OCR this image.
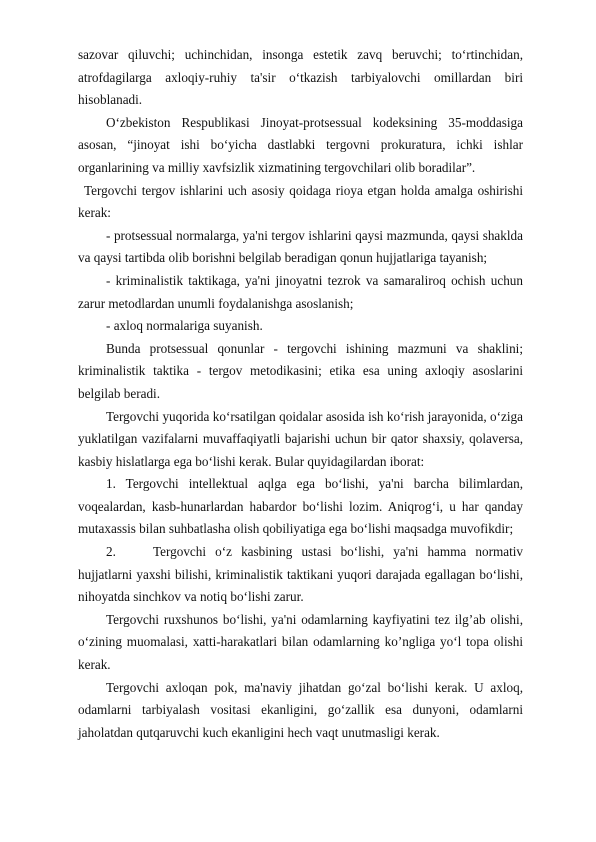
sazovar qiluvchi; uchinchidan, insonga estetik zavq beruvchi; to‘rtinchidan, atrofdagilarga axloqiy-ruhiy ta'sir o‘tkazish tarbiyalovchi omillardan biri hisoblanadi.

O‘zbekiston Respublikasi Jinoyat-protsessual kodeksining 35-moddasiga asosan, “jinoyat ishi bo‘yicha dastlabki tergovni prokuratura, ichki ishlar organlarining va milliy xavfsizlik xizmatining tergovchilari olib boradilar”.

Tergovchi tergov ishlarini uch asosiy qoidaga rioya etgan holda amalga oshirishi kerak:

- protsessual normalarga, ya'ni tergov ishlarini qaysi mazmunda, qaysi shaklda va qaysi tartibda olib borishni belgilab beradigan qonun hujjatlariga tayanish;

- kriminalistik taktikaga, ya'ni jinoyatni tezrok va samaraliroq ochish uchun zarur metodlardan unumli foydalanishga asoslanish;

- axloq normalariga suyanish.

Bunda protsessual qonunlar - tergovchi ishining mazmuni va shaklini; kriminalistik taktika - tergov metodikasini; etika esa uning axloqiy asoslarini belgilab beradi.

Tergovchi yuqorida ko‘rsatilgan qoidalar asosida ish ko‘rish jarayonida, o‘ziga yuklatilgan vazifalarni muvaffaqiyatli bajarishi uchun bir qator shaxsiy, qolaversa, kasbiy hislatlarga ega bo‘lishi kerak. Bular quyidagilardan iborat:

1. Tergovchi intellektual aqlga ega bo‘lishi, ya'ni barcha bilimlardan, voqealardan, kasb-hunarlardan habardor bo‘lishi lozim. Aniqrog‘i, u har qanday mutaxassis bilan suhbatlasha olish qobiliyatiga ega bo‘lishi maqsadga muvofikdir;

2.	Tergovchi o‘z kasbining ustasi bo‘lishi, ya'ni hamma normativ hujjatlarni yaxshi bilishi, kriminalistik taktikani yuqori darajada egallagan bo‘lishi, nihoyatda sinchkov va notiq bo‘lishi zarur.

Tergovchi ruxshunos bo‘lishi, ya'ni odamlarning kayfiyatini tez ilg’ab olishi, o‘zining muomalasi, xatti-harakatlari bilan odamlarning ko’ngliga yo‘l topa olishi kerak.

Tergovchi axloqan pok, ma'naviy jihatdan go‘zal bo‘lishi kerak. U axloq, odamlarni tarbiyalash vositasi ekanligini, go‘zallik esa dunyoni, odamlarni jaholatdan qutqaruvchi kuch ekanligini hech vaqt unutmasligi kerak.
